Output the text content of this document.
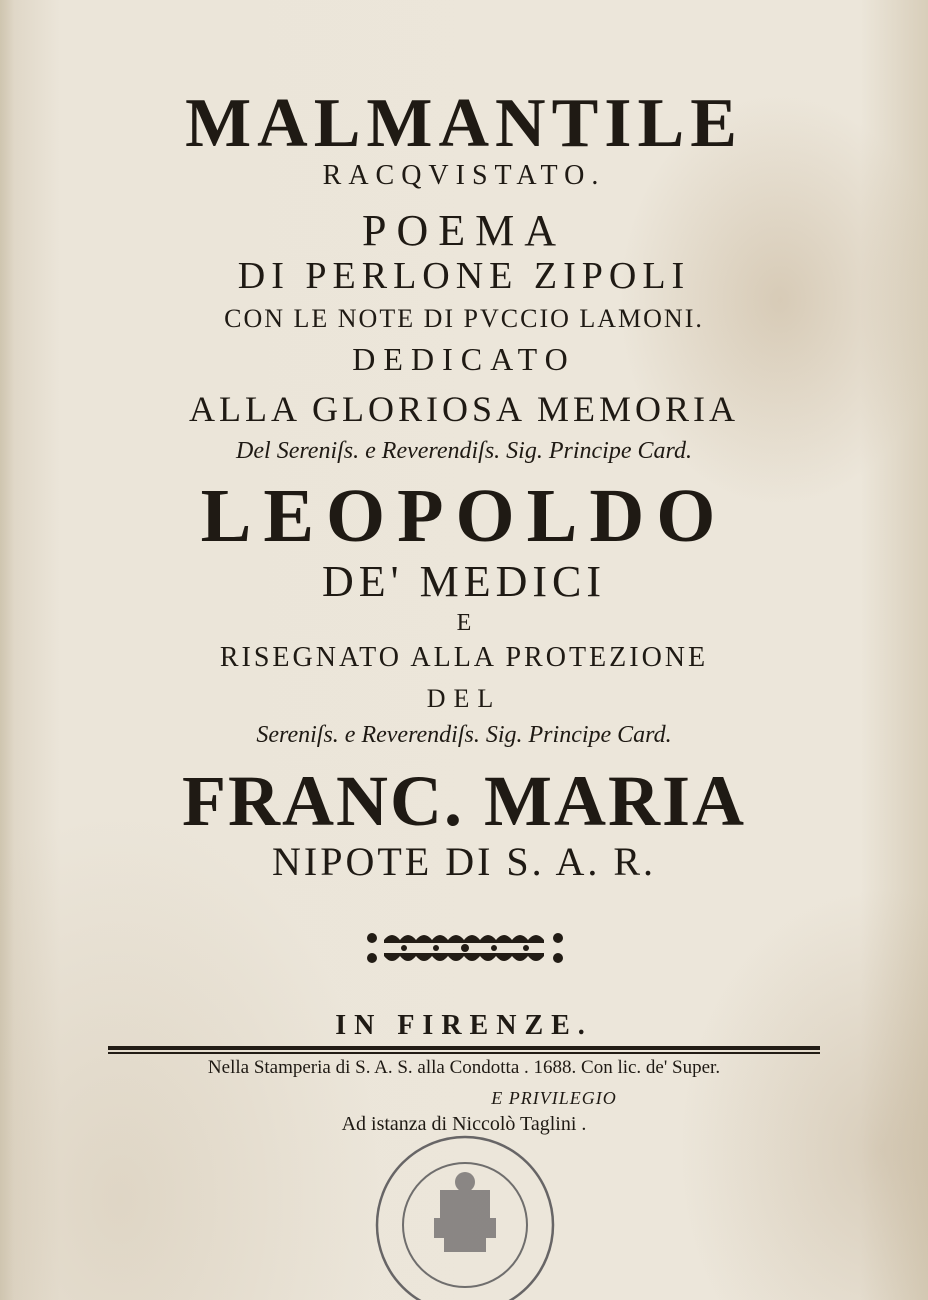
MALMANTILE

RACQVISTATO.

POEMA

DI PERLONE ZIPOLI

CON LE NOTE DI PVCCIO LAMONI.

DEDICATO

ALLA GLORIOSA MEMORIA

Del Sereniſs. e Reverendiſs. Sig. Principe Card.

LEOPOLDO

DE' MEDICI

E

RISEGNATO ALLA PROTEZIONE

DEL

Sereniſs. e Reverendiſs. Sig. Principe Card.

FRANC. MARIA

NIPOTE DI S. A. R.

IN FIRENZE.

Nella Stamperia di S. A. S. alla Condotta . 1688. Con lic. de' Super.

E PRIVILEGIO

Ad istanza di Niccolò Taglini .
